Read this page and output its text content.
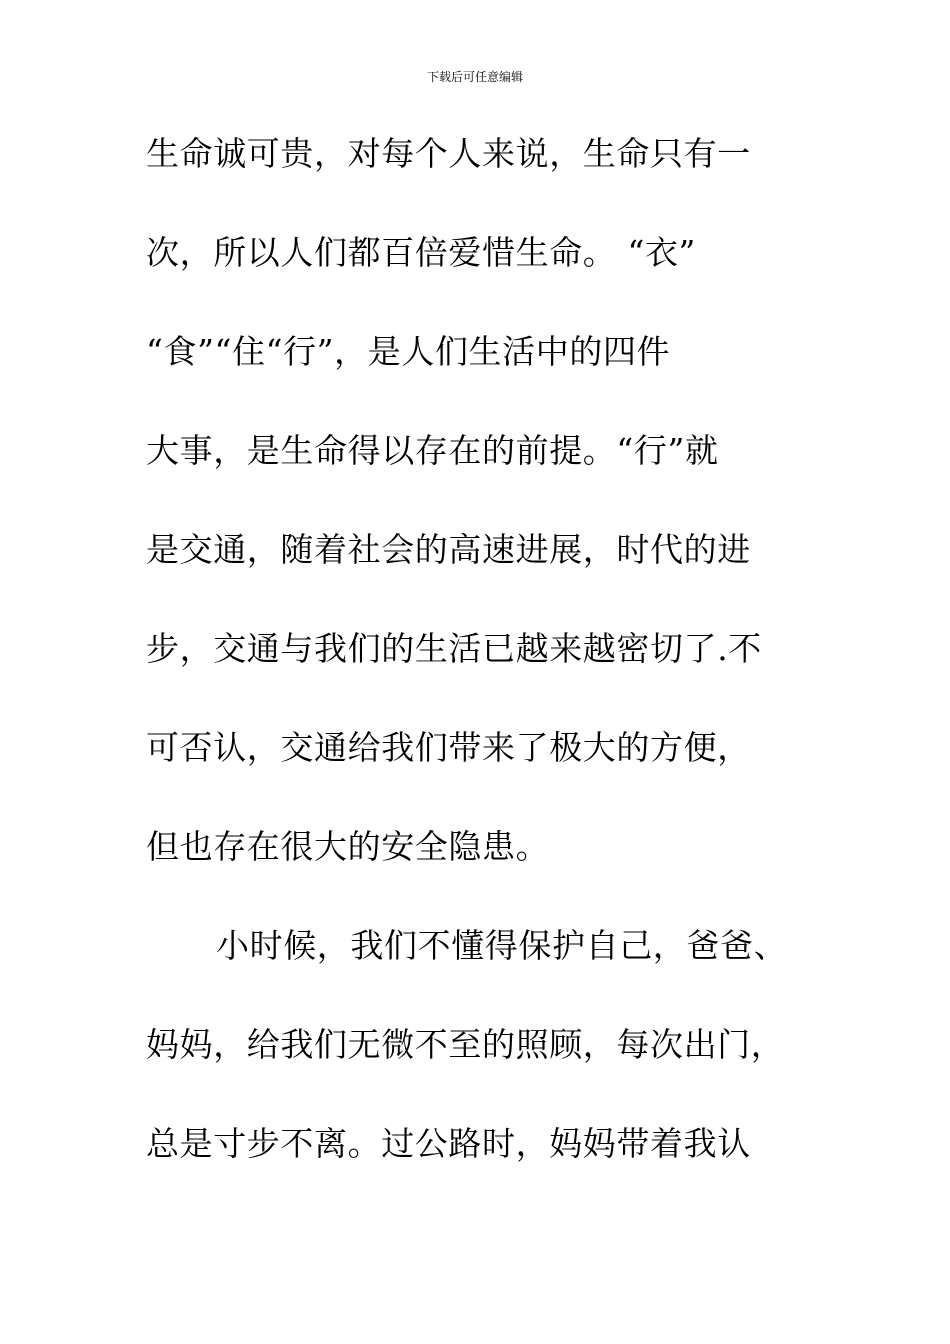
下载后可任意编辑
生命诚可贵，对每个人来说，生命只有一
次，所以人们都百倍爱惜生命。 “衣”
“食”“住“行”，是人们生活中的四件
大事，是生命得以存在的前提。“行”就
是交通，随着社会的高速进展，时代的进
步，交通与我们的生活已越来越密切了.不
可否认，交通给我们带来了极大的方便，
但也存在很大的安全隐患。
小时候，我们不懂得保护自己，爸爸、
妈妈，给我们无微不至的照顾，每次出门，
总是寸步不离。过公路时，妈妈带着我认
